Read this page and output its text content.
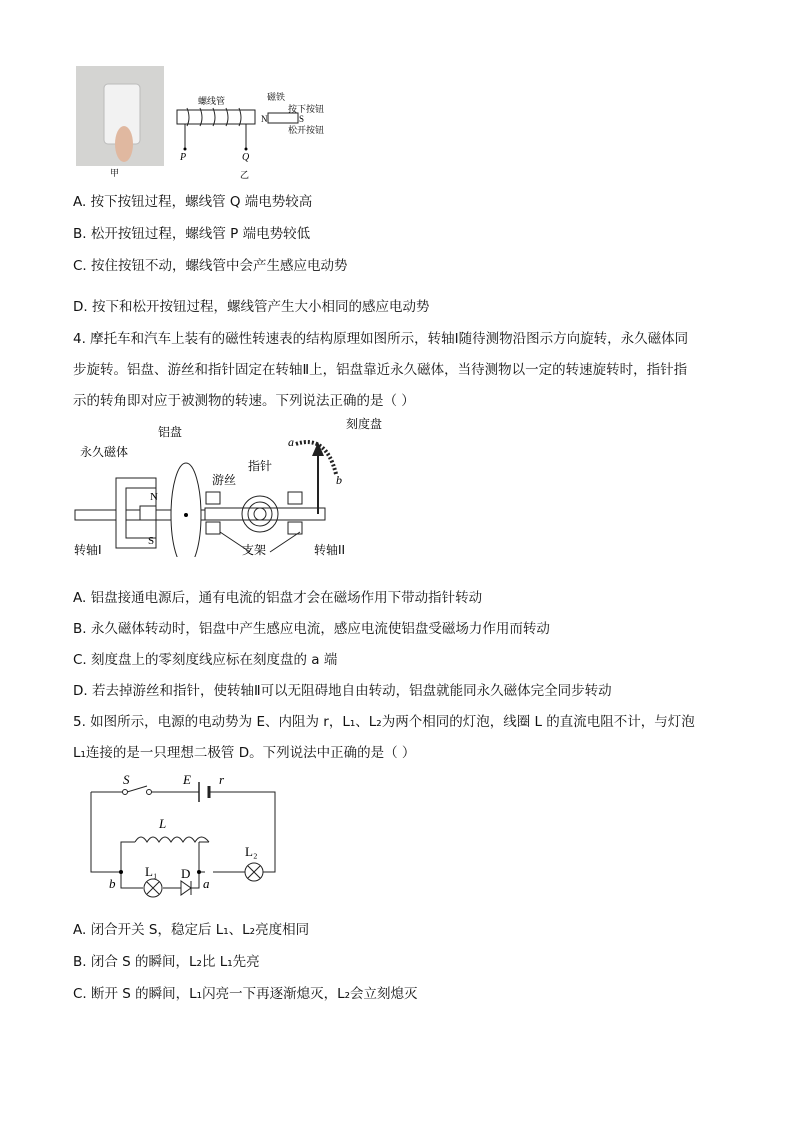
甲
螺线管
P	Q
乙
N	S
磁铁
按下按钮
松开按钮
A. 按下按钮过程，螺线管 Q 端电势较高
B. 松开按钮过程，螺线管 P 端电势较低
C. 按住按钮不动，螺线管中会产生感应电动势
D. 按下和松开按钮过程，螺线管产生大小相同的感应电动势
4. 摩托车和汽车上装有的磁性转速表的结构原理如图所示，转轴Ⅰ随待测物沿图示方向旋转，永久磁体同
步旋转。铝盘、游丝和指针固定在转轴Ⅱ上，铝盘靠近永久磁体，当待测物以一定的转速旋转时，指针指
示的转角即对应于被测物的转速。下列说法正确的是（ ）
永久磁体
铝盘
游丝
指针
刻度盘
a
b
N
S
支架
转轴I	转轴II
A. 铝盘接通电源后，通有电流的铝盘才会在磁场作用下带动指针转动
B. 永久磁体转动时，铝盘中产生感应电流，感应电流使铝盘受磁场力作用而转动
C. 刻度盘上的零刻度线应标在刻度盘的 a 端
D. 若去掉游丝和指针，使转轴Ⅱ可以无阻碍地自由转动，铝盘就能同永久磁体完全同步转动
5. 如图所示，电源的电动势为 E、内阻为 r，L₁、L₂为两个相同的灯泡，线圈 L 的直流电阻不计，与灯泡
L₁连接的是一只理想二极管 D。下列说法中正确的是（ ）
S	E r
L
L₁ D
L₂
b	a
A. 闭合开关 S，稳定后 L₁、L₂亮度相同
B. 闭合 S 的瞬间，L₂比 L₁先亮
C. 断开 S 的瞬间，L₁闪亮一下再逐渐熄灭，L₂会立刻熄灭
